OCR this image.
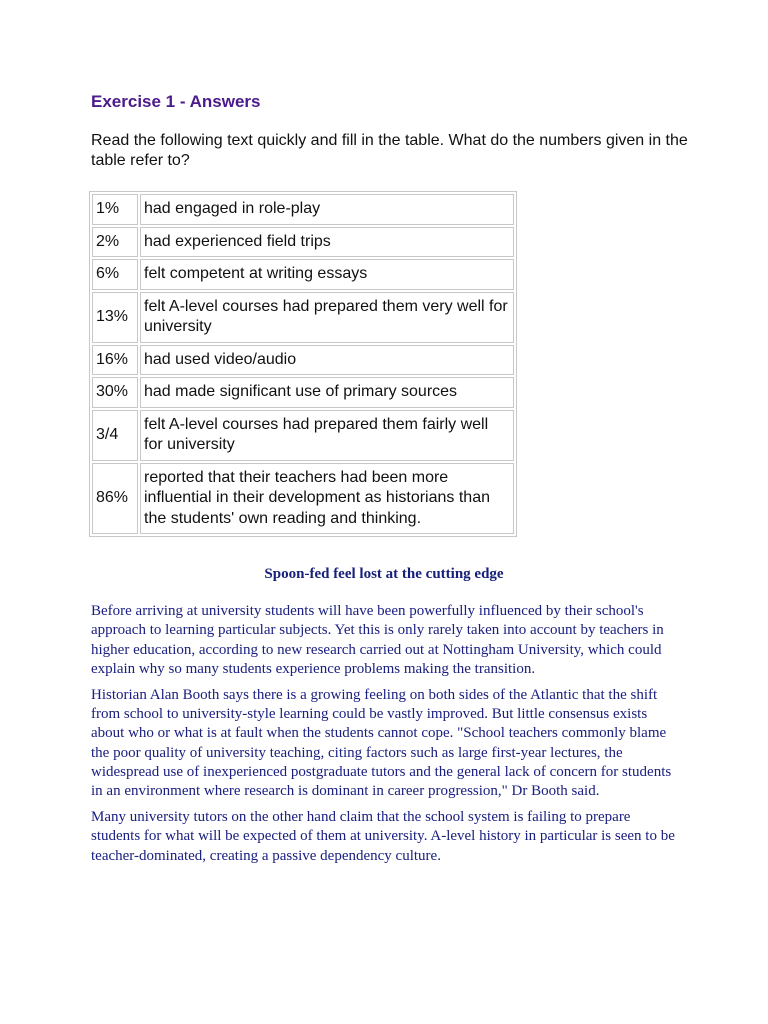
Exercise 1 - Answers

Read the following text quickly and fill in the table. What do the numbers given in the table refer to?

1%	had engaged in role-play
2%	had experienced field trips
6%	felt competent at writing essays
13%	felt A-level courses had prepared them very well for university
16%	had used video/audio
30%	had made significant use of primary sources
3/4	felt A-level courses had prepared them fairly well for university
86%	reported that their teachers had been more influential in their development as historians than the students' own reading and thinking.
Spoon-fed feel lost at the cutting edge

Before arriving at university students will have been powerfully influenced by their school's approach to learning particular subjects. Yet this is only rarely taken into account by teachers in higher education, according to new research carried out at Nottingham University, which could explain why so many students experience problems making the transition.

Historian Alan Booth says there is a growing feeling on both sides of the Atlantic that the shift from school to university-style learning could be vastly improved. But little consensus exists about who or what is at fault when the students cannot cope. "School teachers commonly blame the poor quality of university teaching, citing factors such as large first-year lectures, the widespread use of inexperienced postgraduate tutors and the general lack of concern for students in an environment where research is dominant in career progression," Dr Booth said.

Many university tutors on the other hand claim that the school system is failing to prepare students for what will be expected of them at university. A-level history in particular is seen to be teacher-dominated, creating a passive dependency culture.
